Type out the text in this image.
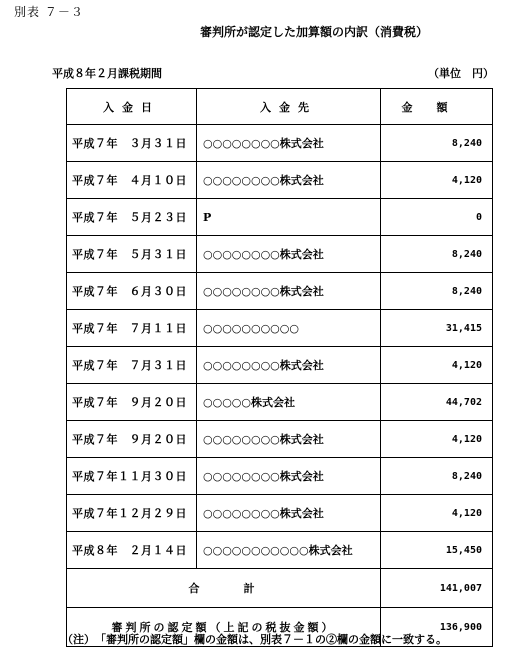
別表 ７－３
審判所が認定した加算額の内訳（消費税）
平成８年２月課税期間	（単位　円）
入金日	入金先	金額
平成７年　３月３１日	○○○○○○○○株式会社	8,240
平成７年　４月１０日	○○○○○○○○株式会社	4,120
平成７年　５月２３日	P	0
平成７年　５月３１日	○○○○○○○○株式会社	8,240
平成７年　６月３０日	○○○○○○○○株式会社	8,240
平成７年　７月１１日	○○○○○○○○○○	31,415
平成７年　７月３１日	○○○○○○○○株式会社	4,120
平成７年　９月２０日	○○○○○株式会社	44,702
平成７年　９月２０日	○○○○○○○○株式会社	4,120
平成７年１１月３０日	○○○○○○○○株式会社	8,240
平成７年１２月２９日	○○○○○○○○株式会社	4,120
平成８年　２月１４日	○○○○○○○○○○○株式会社	15,450
合 計		141,007
審判所の認定額（上記の税抜金額）		136,900
（注）　「審判所の認定額」欄の金額は、別表７－１の②欄の金額に一致する。
